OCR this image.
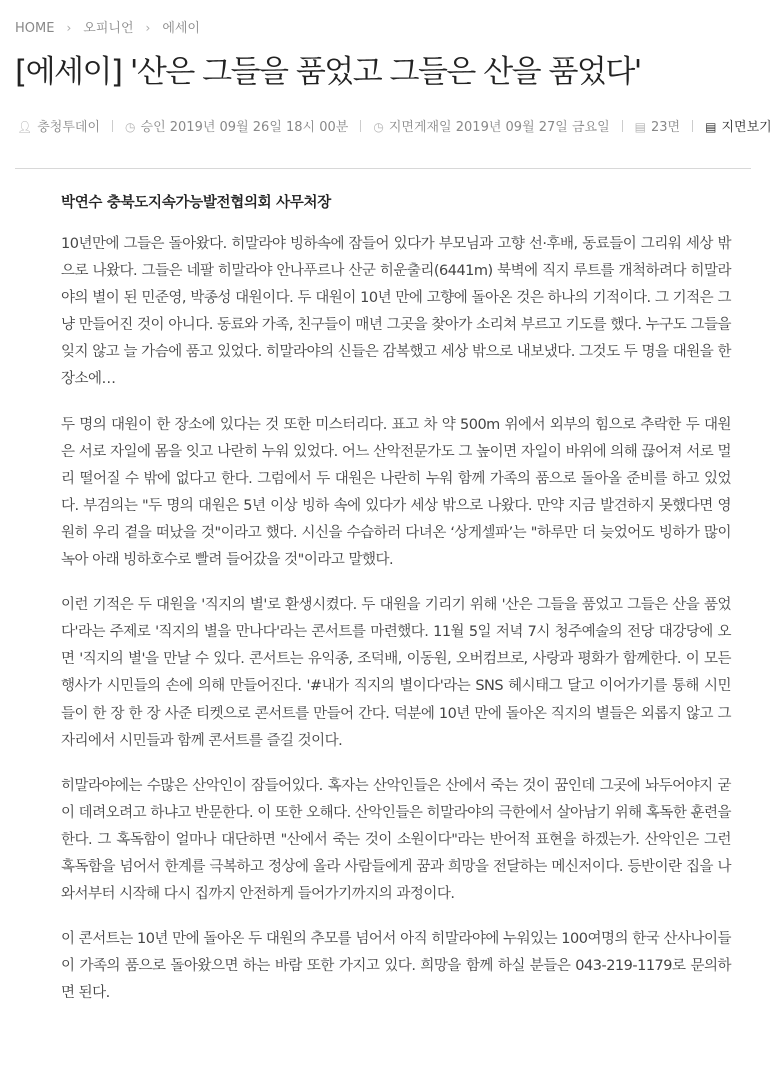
HOME › 오피니언 › 에세이
[에세이] '산은 그들을 품었고 그들은 산을 품었다'
👤︎ 충청투데이 ◷ 승인 2019년 09월 26일 18시 00분 ◷ 지면게재일 2019년 09월 27일 금요일 ▤ 23면 ▤ 지면보기

박연수 충북도지속가능발전협의회 사무처장

10년만에 그들은 돌아왔다. 히말라야 빙하속에 잠들어 있다가 부모님과 고향 선·후배, 동료들이 그리워 세상 밖으로 나왔다. 그들은 네팔 히말라야 안나푸르나 산군 히운출리(6441m) 북벽에 직지 루트를 개척하려다 히말라야의 별이 된 민준영, 박종성 대원이다. 두 대원이 10년 만에 고향에 돌아온 것은 하나의 기적이다. 그 기적은 그냥 만들어진 것이 아니다. 동료와 가족, 친구들이 매년 그곳을 찾아가 소리쳐 부르고 기도를 했다. 누구도 그들을 잊지 않고 늘 가슴에 품고 있었다. 히말라야의 신들은 감복했고 세상 밖으로 내보냈다. 그것도 두 명을 대원을 한 장소에…

두 명의 대원이 한 장소에 있다는 것 또한 미스터리다. 표고 차 약 500m 위에서 외부의 힘으로 추락한 두 대원은 서로 자일에 몸을 잇고 나란히 누워 있었다. 어느 산악전문가도 그 높이면 자일이 바위에 의해 끊어져 서로 멀리 떨어질 수 밖에 없다고 한다. 그럼에서 두 대원은 나란히 누워 함께 가족의 품으로 돌아올 준비를 하고 있었다. 부검의는 "두 명의 대원은 5년 이상 빙하 속에 있다가 세상 밖으로 나왔다. 만약 지금 발견하지 못했다면 영원히 우리 곁을 떠났을 것"이라고 했다. 시신을 수습하러 다녀온 ‘상게셀파’는 "하루만 더 늦었어도 빙하가 많이 녹아 아래 빙하호수로 빨려 들어갔을 것"이라고 말했다.

이런 기적은 두 대원을 '직지의 별'로 환생시켰다. 두 대원을 기리기 위해 '산은 그들을 품었고 그들은 산을 품었다'라는 주제로 '직지의 별을 만나다'라는 콘서트를 마련했다. 11월 5일 저녁 7시 청주예술의 전당 대강당에 오면 '직지의 별'을 만날 수 있다. 콘서트는 유익종, 조덕배, 이동원, 오버컴브로, 사랑과 평화가 함께한다. 이 모든 행사가 시민들의 손에 의해 만들어진다. '#내가 직지의 별이다'라는 SNS 헤시태그 달고 이어가기를 통해 시민들이 한 장 한 장 사준 티켓으로 콘서트를 만들어 간다. 덕분에 10년 만에 돌아온 직지의 별들은 외롭지 않고 그 자리에서 시민들과 함께 콘서트를 즐길 것이다.

히말라야에는 수많은 산악인이 잠들어있다. 혹자는 산악인들은 산에서 죽는 것이 꿈인데 그곳에 놔두어야지 굳이 데려오려고 하냐고 반문한다. 이 또한 오해다. 산악인들은 히말라야의 극한에서 살아남기 위해 혹독한 훈련을 한다. 그 혹독함이 얼마나 대단하면 "산에서 죽는 것이 소원이다"라는 반어적 표현을 하겠는가. 산악인은 그런 혹독함을 넘어서 한계를 극복하고 정상에 올라 사람들에게 꿈과 희망을 전달하는 메신저이다. 등반이란 집을 나와서부터 시작해 다시 집까지 안전하게 들어가기까지의 과정이다.

이 콘서트는 10년 만에 돌아온 두 대원의 추모를 넘어서 아직 히말라야에 누워있는 100여명의 한국 산사나이들이 가족의 품으로 돌아왔으면 하는 바람 또한 가지고 있다. 희망을 함께 하실 분들은 043-219-1179로 문의하면 된다.
